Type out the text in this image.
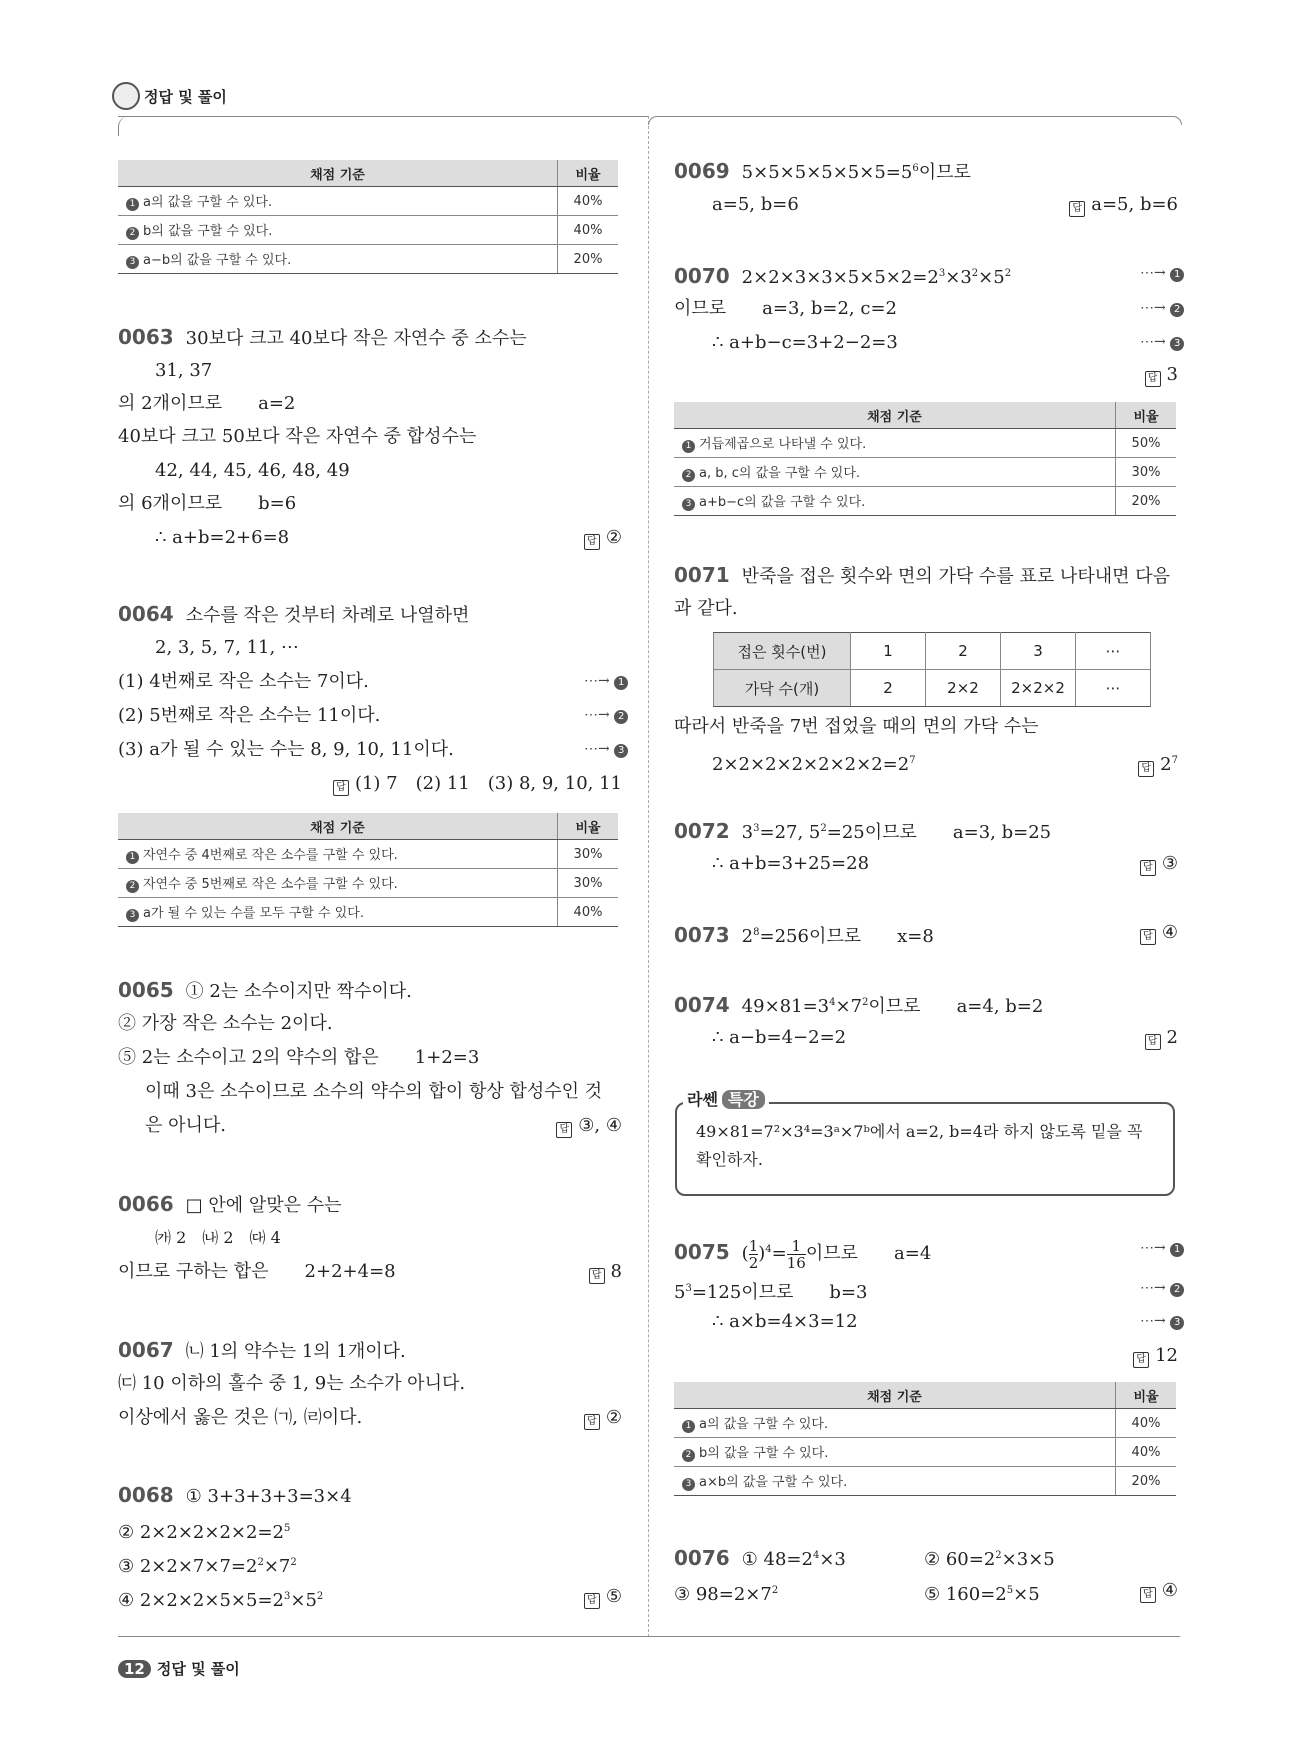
정답 및 풀이
채점 기준	비율
1 a의 값을 구할 수 있다.	40%
2 b의 값을 구할 수 있다.	40%
3 a−b의 값을 구할 수 있다.	20%
0063 30보다 크고 40보다 작은 자연수 중 소수는
31, 37
의 2개이므로　　a=2
40보다 크고 50보다 작은 자연수 중 합성수는
42, 44, 45, 46, 48, 49
의 6개이므로　　b=6
∴ a+b=2+6=8	답 ②
0064 소수를 작은 것부터 차례로 나열하면
2, 3, 5, 7, 11, ⋯
(1) 4번째로 작은 소수는 7이다.	⋯→ 1
(2) 5번째로 작은 소수는 11이다.	⋯→ 2
(3) a가 될 수 있는 수는 8, 9, 10, 11이다.	⋯→ 3
답 (1) 7　(2) 11　(3) 8, 9, 10, 11
채점 기준	비율
1 자연수 중 4번째로 작은 소수를 구할 수 있다.	30%
2 자연수 중 5번째로 작은 소수를 구할 수 있다.	30%
3 a가 될 수 있는 수를 모두 구할 수 있다.	40%
0065 ① 2는 소수이지만 짝수이다.
② 가장 작은 소수는 2이다.
⑤ 2는 소수이고 2의 약수의 합은　　1+2=3
이때 3은 소수이므로 소수의 약수의 합이 항상 합성수인 것
은 아니다.	답 ③, ④
0066 □ 안에 알맞은 수는
㈎ 2　㈏ 2　㈐ 4
이므로 구하는 합은　　2+2+4=8	답 8
0067 ㈁ 1의 약수는 1의 1개이다.
㈂ 10 이하의 홀수 중 1, 9는 소수가 아니다.
이상에서 옳은 것은 ㈀, ㈃이다.	답 ②
0068 ① 3+3+3+3=3×4
② $2\times 2\times 2\times 2\times 2=2^5$
③ $2\times 2\times 7\times 7=2^2\times 7^2$
④ $2\times 2\times 2\times 5\times 5=2^3\times 5^2$	답 ⑤
0069 $5\times 5\times 5\times 5\times 5\times 5=5^6$이므로
a=5, b=6	답 a=5, b=6
0070 $2\times 2\times 3\times 3\times 5\times 5\times 2=2^3\times 3^2\times 5^2$	⋯→ 1
이므로　　a=3, b=2, c=2	⋯→ 2
∴ a+b−c=3+2−2=3	⋯→ 3
답 3
채점 기준	비율
1 거듭제곱으로 나타낼 수 있다.	50%
2 a, b, c의 값을 구할 수 있다.	30%
3 a+b−c의 값을 구할 수 있다.	20%
0071 반죽을 접은 횟수와 면의 가닥 수를 표로 나타내면 다음
과 같다.
접은 횟수(번)	1	2	3	⋯
가닥 수(개)	2	2×2	2×2×2	⋯
따라서 반죽을 7번 접었을 때의 면의 가닥 수는
$2\times 2\times 2\times 2\times 2\times 2\times 2=2^7$
답 $2^7$
0072 $3^3=27$, $5^2=25$이므로　　a=3, b=25
∴ a+b=3+25=28	답 ③
0073 $2^8=256$이므로　　x=8	답 ④
0074 $49\times 81=3^4\times 7^2$이므로　　a=4, b=2
∴ a−b=4−2=2	답 2
라쎈 특강
49×81=7²×3⁴=3ᵃ×7ᵇ에서 a=2, b=4라 하지 않도록 밑을 꼭 확인하자.
0075 ( $\frac{1}{2} )^4= \frac{1}{16}$ 이므로　　a=4	⋯→ 1
$5^3=125$이므로　　b=3	⋯→ 2
∴ a×b=4×3=12	⋯→ 3
답 12
채점 기준	비율
1 a의 값을 구할 수 있다.	40%
2 b의 값을 구할 수 있다.	40%
3 a×b의 값을 구할 수 있다.	20%
0076 ① $48=2^4\times 3$	② $60=2^2\times 3\times 5$
③ $98=2\times 7^2$	⑤ $160=2^5\times 5$	답 ④
12 정답 및 풀이
